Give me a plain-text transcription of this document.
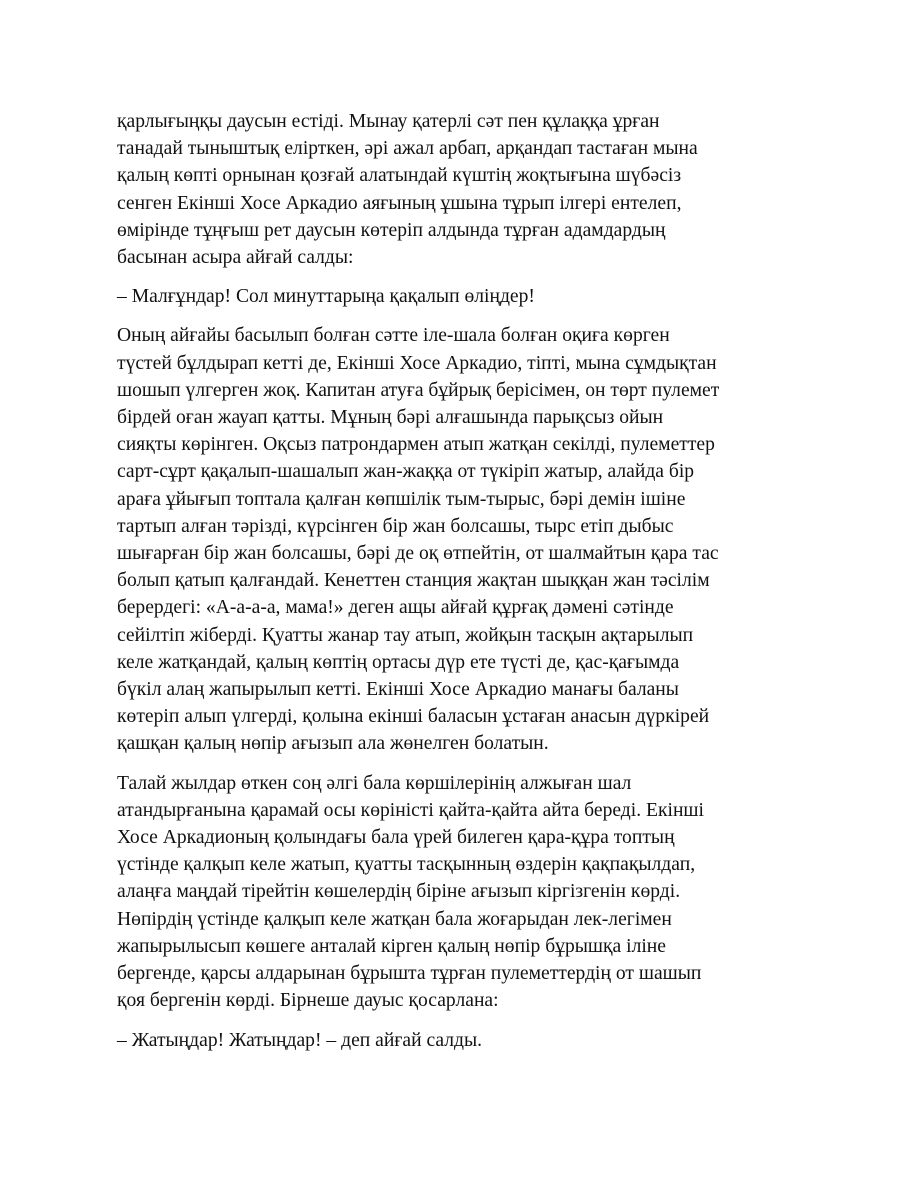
қарлығыңқы даусын естіді. Мынау қатерлі сәт пен құлаққа ұрған
танадай тыныштық елірткен, әрі ажал арбап, арқандап тастаған мына
қалың көпті орнынан қозғай алатындай күштің жоқтығына шүбәсіз
сенген Екінші Хосе Аркадио аяғының ұшына тұрып ілгері ентелеп,
өмірінде тұңғыш рет даусын көтеріп алдында тұрған адамдардың
басынан асыра айғай салды:

– Малғұндар! Сол минуттарыңа қақалып өліңдер!

Оның айғайы басылып болған сәтте іле-шала болған оқиға көрген
түстей бұлдырап кетті де, Екінші Хосе Аркадио, тіпті, мына сұмдықтан
шошып үлгерген жоқ. Капитан атуға бұйрық берісімен, он төрт пулемет
бірдей оған жауап қатты. Мұның бәрі алғашында парықсыз ойын
сияқты көрінген. Оқсыз патрондармен атып жатқан секілді, пулеметтер
сарт-сұрт қақалып-шашалып жан-жаққа от түкіріп жатыр, алайда бір
араға ұйығып топтала қалған көпшілік тым-тырыс, бәрі демін ішіне
тартып алған тәрізді, күрсінген бір жан болсашы, тырс етіп дыбыс
шығарған бір жан болсашы, бәрі де оқ өтпейтін, от шалмайтын қара тас
болып қатып қалғандай. Кенеттен станция жақтан шыққан жан тәсілім
берердегі: «А-а-а-а, мама!» деген ащы айғай құрғақ дәмені сәтінде
сейілтіп жіберді. Қуатты жанар тау атып, жойқын тасқын ақтарылып
келе жатқандай, қалың көптің ортасы дүр ете түсті де, қас-қағымда
бүкіл алаң жапырылып кетті. Екінші Хосе Аркадио манағы баланы
көтеріп алып үлгерді, қолына екінші баласын ұстаған анасын дүркірей
қашқан қалың нөпір ағызып ала жөнелген болатын.

Талай жылдар өткен соң әлгі бала көршілерінің алжыған шал
атандырғанына қарамай осы көріністі қайта-қайта айта береді. Екінші
Хосе Аркадионың қолындағы бала үрей билеген қара-құра топтың
үстінде қалқып келе жатып, қуатты тасқынның өздерін қақпақылдап,
алаңға маңдай тірейтін көшелердің біріне ағызып кіргізгенін көрді.
Нөпірдің үстінде қалқып келе жатқан бала жоғарыдан лек-легімен
жапырылысып көшеге анталай кірген қалың нөпір бұрышқа іліне
бергенде, қарсы алдарынан бұрышта тұрған пулеметтердің от шашып
қоя бергенін көрді. Бірнеше дауыс қосарлана:

– Жатыңдар! Жатыңдар! – деп айғай салды.
